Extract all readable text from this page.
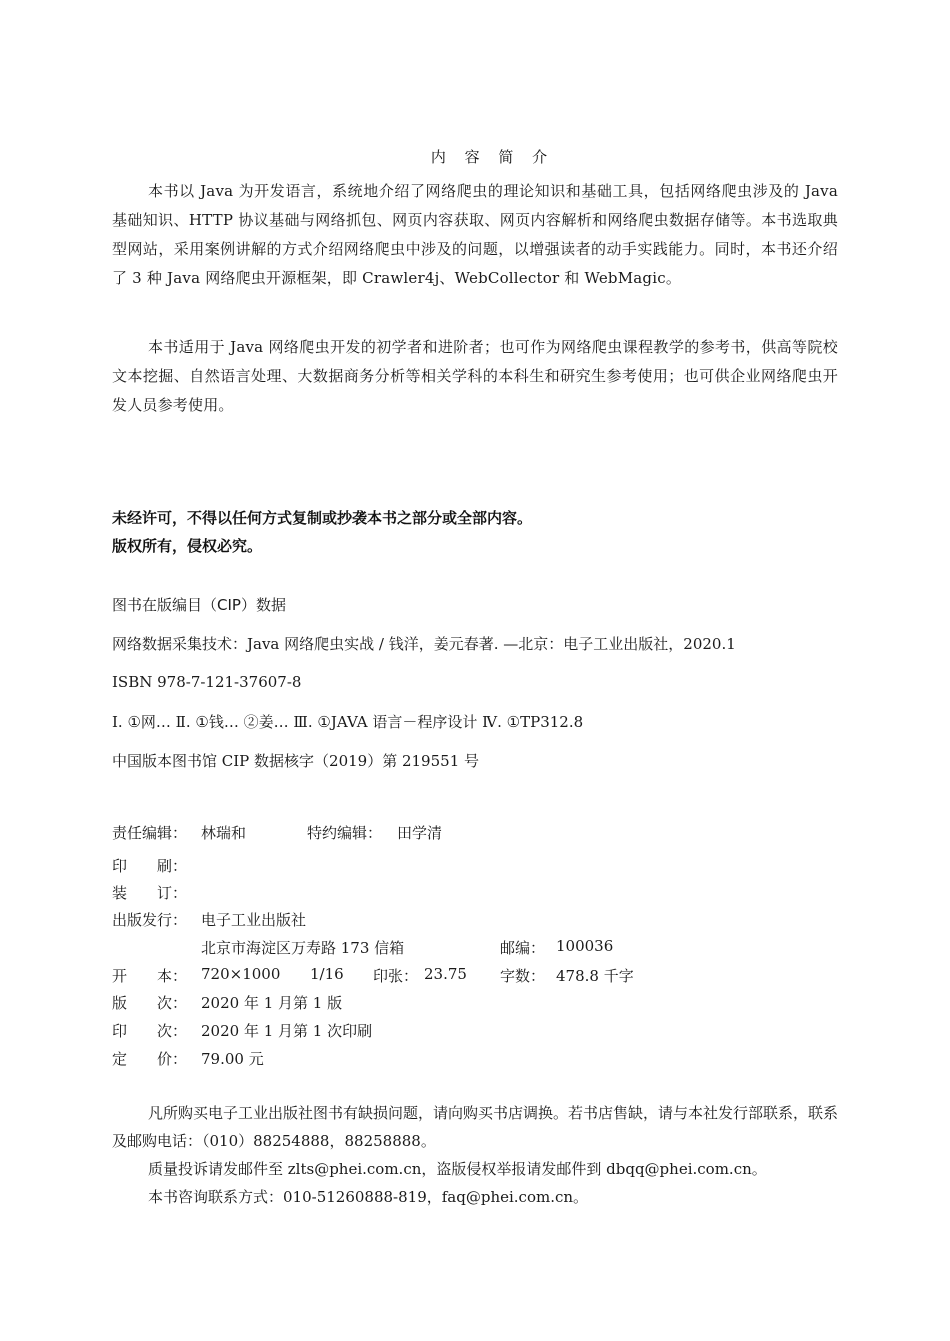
内 容 简 介
本书以 Java 为开发语言，系统地介绍了网络爬虫的理论知识和基础工具，包括网络爬虫涉及的 Java 基础知识、HTTP 协议基础与网络抓包、网页内容获取、网页内容解析和网络爬虫数据存储等。本书选取典型网站，采用案例讲解的方式介绍网络爬虫中涉及的问题，以增强读者的动手实践能力。同时，本书还介绍了 3 种 Java 网络爬虫开源框架，即 Crawler4j、WebCollector 和 WebMagic。
本书适用于 Java 网络爬虫开发的初学者和进阶者；也可作为网络爬虫课程教学的参考书，供高等院校文本挖掘、自然语言处理、大数据商务分析等相关学科的本科生和研究生参考使用；也可供企业网络爬虫开发人员参考使用。
未经许可，不得以任何方式复制或抄袭本书之部分或全部内容。
版权所有，侵权必究。
图书在版编目（CIP）数据
网络数据采集技术：Java 网络爬虫实战 / 钱洋，姜元春著. —北京：电子工业出版社，2020.1
ISBN 978-7-121-37607-8
Ⅰ. ①网… Ⅱ. ①钱… ②姜… Ⅲ. ①JAVA 语言－程序设计 Ⅳ. ①TP312.8
中国版本图书馆 CIP 数据核字（2019）第 219551 号
责任编辑： 林瑞和	特约编辑： 田学清
印　　刷：
装　　订：
出版发行： 电子工业出版社
北京市海淀区万寿路 173 信箱	邮编： 100036
开　　本： 720×1000 1/16 印张： 23.75 字数： 478.8 千字
版　　次： 2020 年 1 月第 1 版
印　　次： 2020 年 1 月第 1 次印刷
定　　价： 79.00 元

凡所购买电子工业出版社图书有缺损问题，请向购买书店调换。若书店售缺，请与本社发行部联系，联系及邮购电话：（010）88254888，88258888。

质量投诉请发邮件至 zlts@phei.com.cn，盗版侵权举报请发邮件到 dbqq@phei.com.cn。

本书咨询联系方式：010-51260888-819，faq@phei.com.cn。
